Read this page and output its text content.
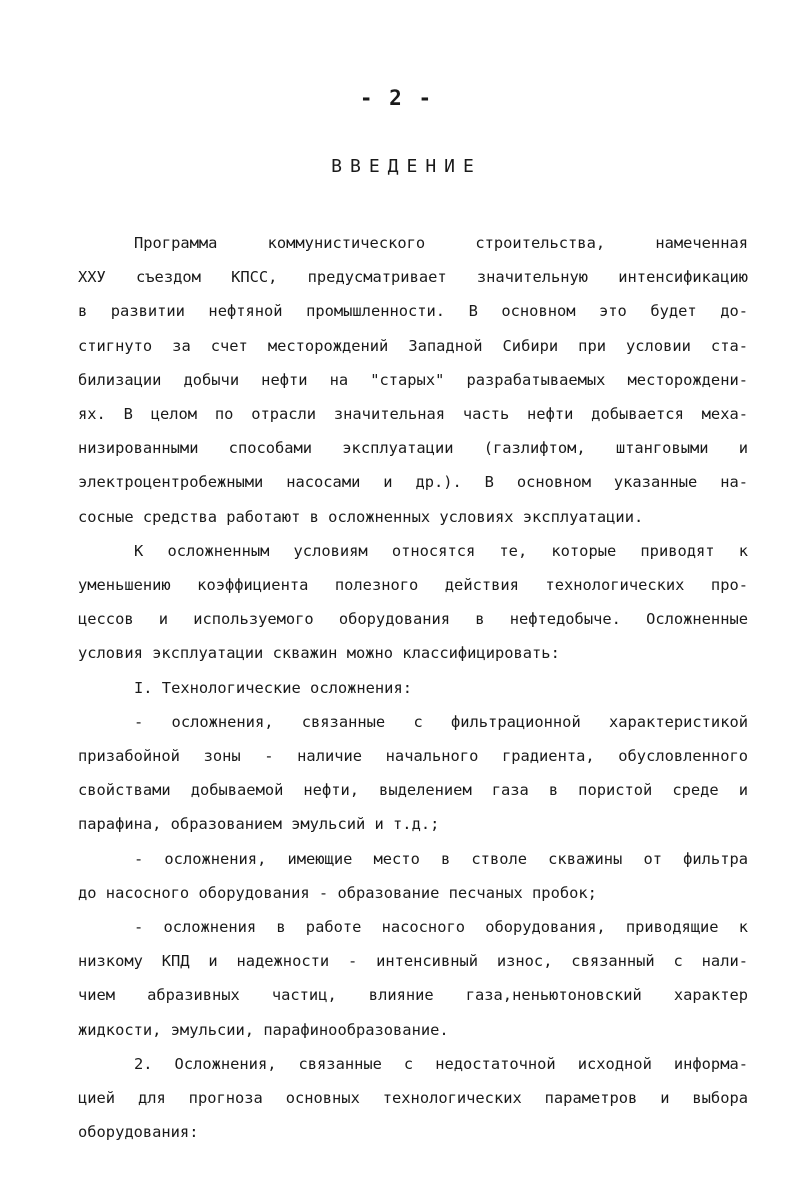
- 2 -
ВВЕДЕНИЕ
Программа коммунистического строительства, намеченная
ХХУ съездом КПСС, предусматривает значительную интенсификацию
в развитии нефтяной промышленности. В основном это будет до-
стигнуто за счет месторождений Западной Сибири при условии ста-
билизации добычи нефти на "старых" разрабатываемых месторождени-
ях. В целом по отрасли значительная часть нефти добывается меха-
низированными способами эксплуатации (газлифтом, штанговыми и
электроцентробежными насосами и др.). В основном указанные на-
сосные средства работают в осложненных условиях эксплуатации.
К осложненным условиям относятся те, которые приводят к
уменьшению коэффициента полезного действия технологических про-
цессов и используемого оборудования в нефтедобыче. Осложненные
условия эксплуатации скважин можно классифицировать:
I. Технологические осложнения:
- осложнения, связанные с фильтрационной характеристикой
призабойной зоны - наличие начального градиента, обусловленного
свойствами добываемой нефти, выделением газа в пористой среде и
парафина, образованием эмульсий и т.д.;
- осложнения, имеющие место в стволе скважины от фильтра
до насосного оборудования - образование песчаных пробок;
- осложнения в работе насосного оборудования, приводящие к
низкому КПД и надежности - интенсивный износ, связанный с нали-
чием абразивных частиц, влияние газа,неньютоновский характер
жидкости, эмульсии, парафинообразование.
2. Осложнения, связанные с недостаточной исходной информа-
цией для прогноза основных технологических параметров и выбора
оборудования:
